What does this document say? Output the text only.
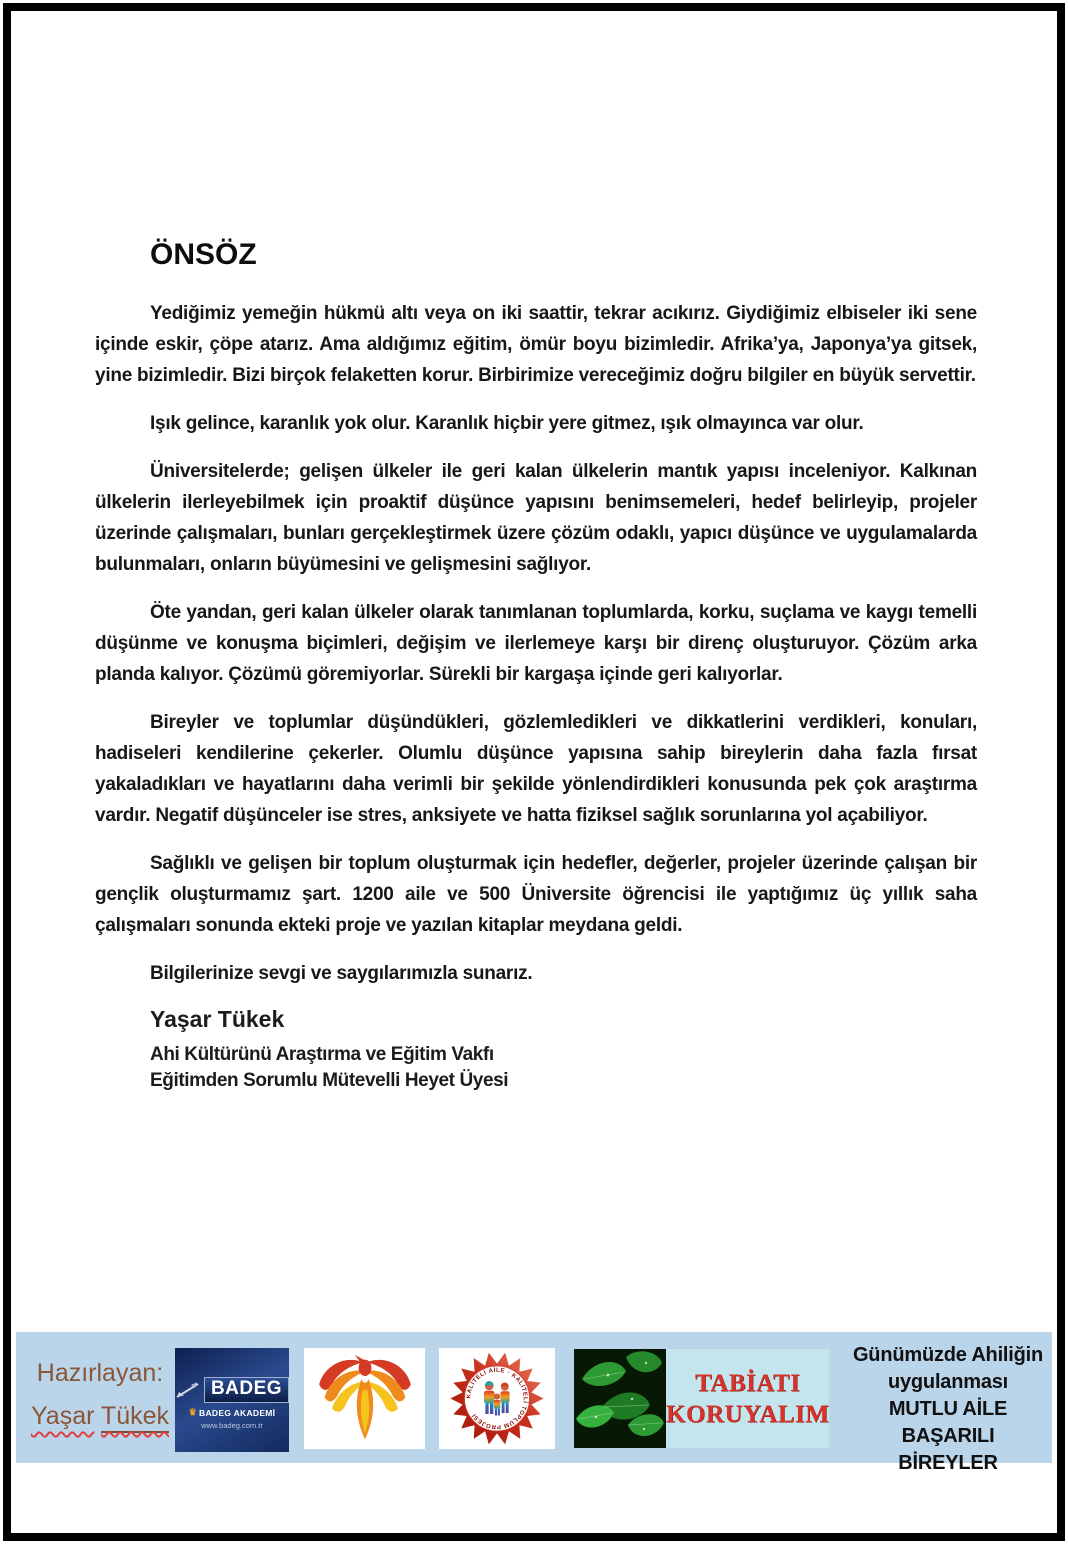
ÖNSÖZ

Yediğimiz yemeğin hükmü altı veya on iki saattir, tekrar acıkırız. Giydiğimiz elbiseler iki sene içinde eskir, çöpe atarız. Ama aldığımız eğitim, ömür boyu bizimledir. Afrika’ya, Japonya’ya gitsek, yine bizimledir. Bizi birçok felaketten korur. Birbirimize vereceğimiz doğru bilgiler en büyük servettir.

Işık gelince, karanlık yok olur. Karanlık hiçbir yere gitmez, ışık olmayınca var olur.

Üniversitelerde; gelişen ülkeler ile geri kalan ülkelerin mantık yapısı inceleniyor. Kalkınan ülkelerin ilerleyebilmek için proaktif düşünce yapısını benimsemeleri, hedef belirleyip, projeler üzerinde çalışmaları, bunları gerçekleştirmek üzere çözüm odaklı, yapıcı düşünce ve uygulamalarda bulunmaları, onların büyümesini ve gelişmesini sağlıyor.

Öte yandan, geri kalan ülkeler olarak tanımlanan toplumlarda, korku, suçlama ve kaygı temelli düşünme ve konuşma biçimleri, değişim ve ilerlemeye karşı bir direnç oluşturuyor. Çözüm arka planda kalıyor. Çözümü göremiyorlar. Sürekli bir kargaşa içinde geri kalıyorlar.

Bireyler ve toplumlar düşündükleri, gözlemledikleri ve dikkatlerini verdikleri, konuları, hadiseleri kendilerine çekerler. Olumlu düşünce yapısına sahip bireylerin daha fazla fırsat yakaladıkları ve hayatlarını daha verimli bir şekilde yönlendirdikleri konusunda pek çok araştırma vardır. Negatif düşünceler ise stres, anksiyete ve hatta fiziksel sağlık sorunlarına yol açabiliyor.

Sağlıklı ve gelişen bir toplum oluşturmak için hedefler, değerler, projeler üzerinde çalışan bir gençlik oluşturmamız şart. 1200 aile ve 500 Üniversite öğrencisi ile yaptığımız üç yıllık saha çalışmaları sonunda ekteki proje ve yazılan kitaplar meydana geldi.

Bilgilerinize sevgi ve saygılarımızla sunarız.

Yaşar Tükek
Ahi Kültürünü Araştırma ve Eğitim Vakfı
Eğitimden Sorumlu Mütevelli Heyet Üyesi
Hazırlayan:
Yaşar Tükek
BADEG
♛ BADEG AKADEMİ
www.badeg.com.tr
KALİTELİ AİLE · KALİTELİ TOPLUM PROJESİ
TABİATI
KORUYALIM
Günümüzde Ahiliğin
uygulanması
MUTLU AİLE
BAŞARILI BİREYLER
